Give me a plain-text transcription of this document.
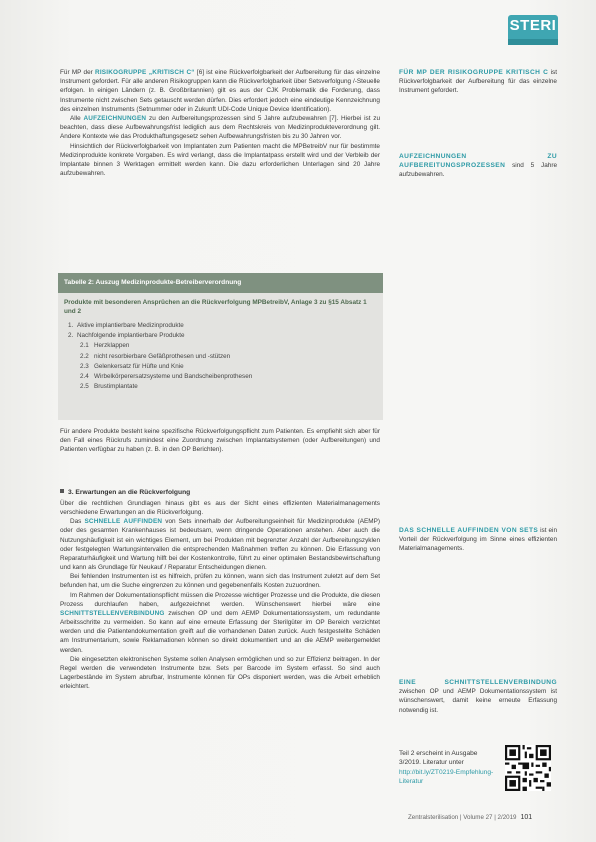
STERI

Für MP der RISIKOGRUPPE „KRITISCH C“ [6] ist eine Rückverfolgbarkeit der Aufbereitung für das einzelne Instrument gefordert. Für alle anderen Risikogruppen kann die Rückverfolgbarkeit über Setsverfolgung /-Steuelle erfolgen. In einigen Ländern (z. B. Großbritannien) gilt es aus der CJK Problematik die Forderung, dass Instrumente nicht zwischen Sets getauscht werden dürfen. Dies erfordert jedoch eine eindeutige Kennzeichnung des einzelnen Instruments (Setnummer oder in Zukunft UDI-Code Unique Device Identification).

Alle AUFZEICHNUNGEN zu den Aufbereitungsprozessen sind 5 Jahre aufzubewahren [7]. Hierbei ist zu beachten, dass diese Aufbewahrungsfrist lediglich aus dem Rechtskreis von Medizinprodukteverordnung gilt. Andere Kontexte wie das Produkthaftungsgesetz sehen Aufbewahrungsfristen bis zu 30 Jahren vor.

Hinsichtlich der Rückverfolgbarkeit von Implantaten zum Patienten macht die MPBetreibV nur für bestimmte Medizinprodukte konkrete Vorgaben. Es wird verlangt, dass die Implantatpass erstellt wird und der Verbleib der Implantate binnen 3 Werktagen ermittelt werden kann. Die dazu erforderlichen Unterlagen sind 20 Jahre aufzubewahren.

Tabelle 2: Auszug Medizinprodukte-Betreiberverordnung
Produkte mit besonderen Ansprüchen an die Rückverfolgung MPBetreibV, Anlage 3 zu §15 Absatz 1 und 2
1. Aktive implantierbare Medizinprodukte
2. Nachfolgende implantierbare Produkte
2.1 Herzklappen
2.2 nicht resorbierbare Gefäßprothesen und -stützen
2.3 Gelenkersatz für Hüfte und Knie
2.4 Wirbelkörperersatzsysteme und Bandscheibenprothesen
2.5 Brustimplantate
Für andere Produkte besteht keine spezifische Rückverfolgungspflicht zum Patienten. Es empfiehlt sich aber für den Fall eines Rückrufs zumindest eine Zuordnung zwischen Implantatsystemen (oder Aufbereitungen) und Patienten verfügbar zu haben (z. B. in den OP Berichten).
3. Erwartungen an die Rückverfolgung

Über die rechtlichen Grundlagen hinaus gibt es aus der Sicht eines effizienten Materialmanagements verschiedene Erwartungen an die Rückverfolgung.

Das SCHNELLE AUFFINDEN von Sets innerhalb der Aufbereitungseinheit für Medizinprodukte (AEMP) oder des gesamten Krankenhauses ist bedeutsam, wenn dringende Operationen anstehen. Aber auch die Nutzungshäufigkeit ist ein wichtiges Element, um bei Produkten mit begrenzter Anzahl der Aufbereitungszyklen oder festgelegten Wartungsintervallen die entsprechenden Maßnahmen treffen zu können. Die Erfassung von Reparaturhäufigkeit und Wartung hilft bei der Kostenkontrolle, führt zu einer optimalen Bestandsbewirtschaftung und kann als Grundlage für Neukauf / Reparatur Entscheidungen dienen.

Bei fehlenden Instrumenten ist es hilfreich, prüfen zu können, wann sich das Instrument zuletzt auf dem Set befunden hat, um die Suche eingrenzen zu können und gegebenenfalls Kosten zuzuordnen.

Im Rahmen der Dokumentationspflicht müssen die Prozesse wichtiger Prozesse und die Produkte, die diesen Prozess durchlaufen haben, aufgezeichnet werden. Wünschenswert hierbei wäre eine SCHNITTSTELLENVERBINDUNG zwischen OP und dem AEMP Dokumentationssystem, um redundante Arbeitsschritte zu vermeiden. So kann auf eine erneute Erfassung der Sterilgüter im OP Bereich verzichtet werden und die Patientendokumentation greift auf die vorhandenen Daten zurück. Auch festgestellte Schäden am Instrumentarium, sowie Reklamationen können so direkt dokumentiert und an die AEMP weitergemeldet werden.

Die eingesetzten elektronischen Systeme sollen Analysen ermöglichen und so zur Effizienz beitragen. In der Regel werden die verwendeten Instrumente bzw. Sets per Barcode im System erfasst. So sind auch Lagerbestände im System abrufbar, Instrumente können für OPs disponiert werden, was die Arbeit erheblich erleichtert.

FÜR MP DER RISIKOGRUPPE KRITISCH C ist Rückverfolgbarkeit der Aufbereitung für das einzelne Instrument gefordert.

AUFZEICHNUNGEN ZU AUFBEREITUNGSPROZESSEN sind 5 Jahre aufzubewahren.

DAS SCHNELLE AUFFINDEN VON SETS ist ein Vorteil der Rückverfolgung im Sinne eines effizienten Materialmanagements.

EINE SCHNITTSTELLENVERBINDUNG zwischen OP und AEMP Dokumentationssystem ist wünschenswert, damit keine erneute Erfassung notwendig ist.

Teil 2 erscheint in Ausgabe 3/2019. Literatur unter http://bit.ly/ZT0219-Empfehlung-Literatur
Zentralsterilisation | Volume 27 | 2/2019 101
